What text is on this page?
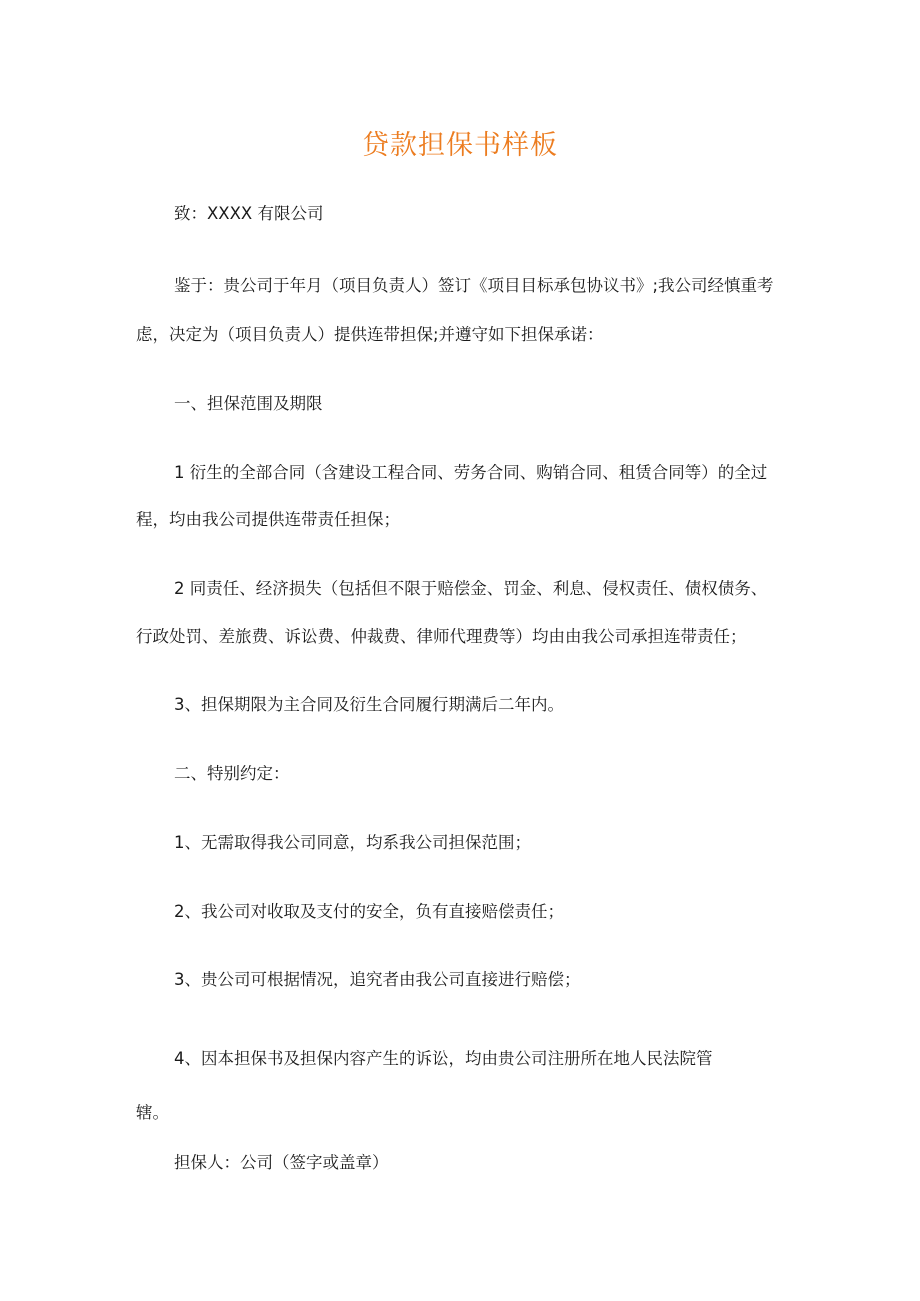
贷款担保书样板
致：XXXX 有限公司
鉴于：贵公司于年月（项目负责人）签订《项目目标承包协议书》;我公司经慎重考
虑，决定为（项目负责人）提供连带担保;并遵守如下担保承诺：
一、担保范围及期限
1 衍生的全部合同（含建设工程合同、劳务合同、购销合同、租赁合同等）的全过
程，均由我公司提供连带责任担保；
2 同责任、经济损失（包括但不限于赔偿金、罚金、利息、侵权责任、债权债务、
行政处罚、差旅费、诉讼费、仲裁费、律师代理费等）均由由我公司承担连带责任；
3、担保期限为主合同及衍生合同履行期满后二年内。
二、特别约定：
1、无需取得我公司同意，均系我公司担保范围；
2、我公司对收取及支付的安全，负有直接赔偿责任；
3、贵公司可根据情况，追究者由我公司直接进行赔偿；
4、因本担保书及担保内容产生的诉讼，均由贵公司注册所在地人民法院管
辖。
担保人：公司（签字或盖章）
